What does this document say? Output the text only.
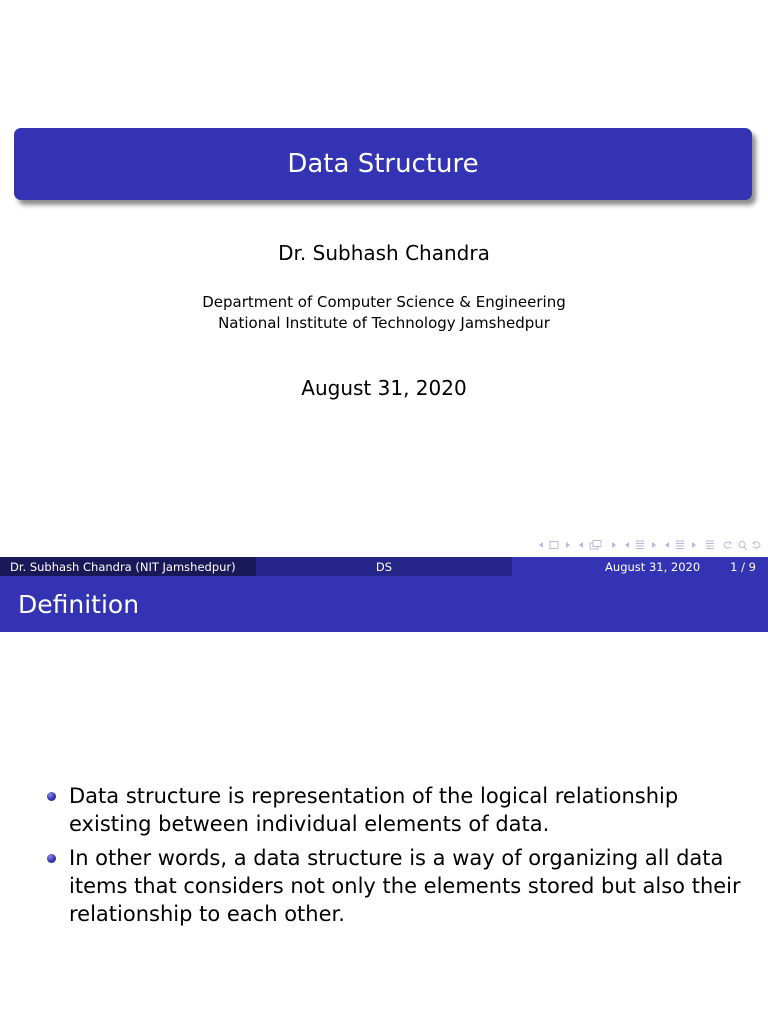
Data Structure
Dr. Subhash Chandra
Department of Computer Science & Engineering
National Institute of Technology Jamshedpur
August 31, 2020
Dr. Subhash Chandra (NIT Jamshedpur)	DS	August 31, 2020	1 / 9
Definition
Data structure is representation of the logical relationship existing between individual elements of data.
In other words, a data structure is a way of organizing all data items that considers not only the elements stored but also their relationship to each other.
